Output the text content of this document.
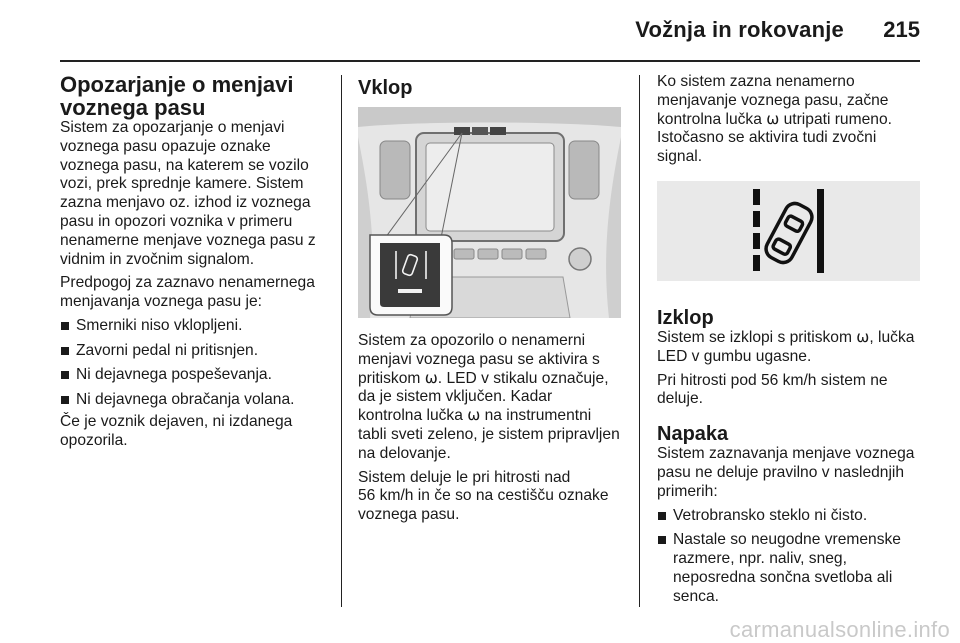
Vožnja in rokovanje 215
Opozarjanje o menjavi
voznega pasu

Sistem za opozarjanje o menjavi
voznega pasu opazuje oznake
voznega pasu, na katerem se vozilo
vozi, prek sprednje kamere. Sistem
zazna menjavo oz. izhod iz voznega
pasu in opozori voznika v primeru
nenamerne menjave voznega pasu z
vidnim in zvočnim signalom.

Predpogoj za zaznavo nenamernega
menjavanja voznega pasu je:

Smerniki niso vklopljeni.
Zavorni pedal ni pritisnjen.
Ni dejavnega pospeševanja.
Ni dejavnega obračanja volana.

Če je voznik dejaven, ni izdanega
opozorila.

Vklop

Sistem za opozorilo o nenamerni
menjavi voznega pasu se aktivira s
pritiskom ⍵. LED v stikalu označuje,
da je sistem vključen. Kadar
kontrolna lučka ⍵ na instrumentni
tabli sveti zeleno, je sistem pripravljen
na delovanje.

Sistem deluje le pri hitrosti nad
56 km/h in če so na cestišču oznake
voznega pasu.

Ko sistem zazna nenamerno
menjavanje voznega pasu, začne
kontrolna lučka ⍵ utripati rumeno.
Istočasno se aktivira tudi zvočni
signal.

Izklop

Sistem se izklopi s pritiskom ⍵, lučka
LED v gumbu ugasne.

Pri hitrosti pod 56 km/h sistem ne
deluje.

Napaka

Sistem zaznavanja menjave voznega
pasu ne deluje pravilno v naslednjih
primerih:

Vetrobransko steklo ni čisto.
Nastale so neugodne vremenske
razmere, npr. naliv, sneg,
neposredna sončna svetloba ali
senca.
carmanualsonline.info
